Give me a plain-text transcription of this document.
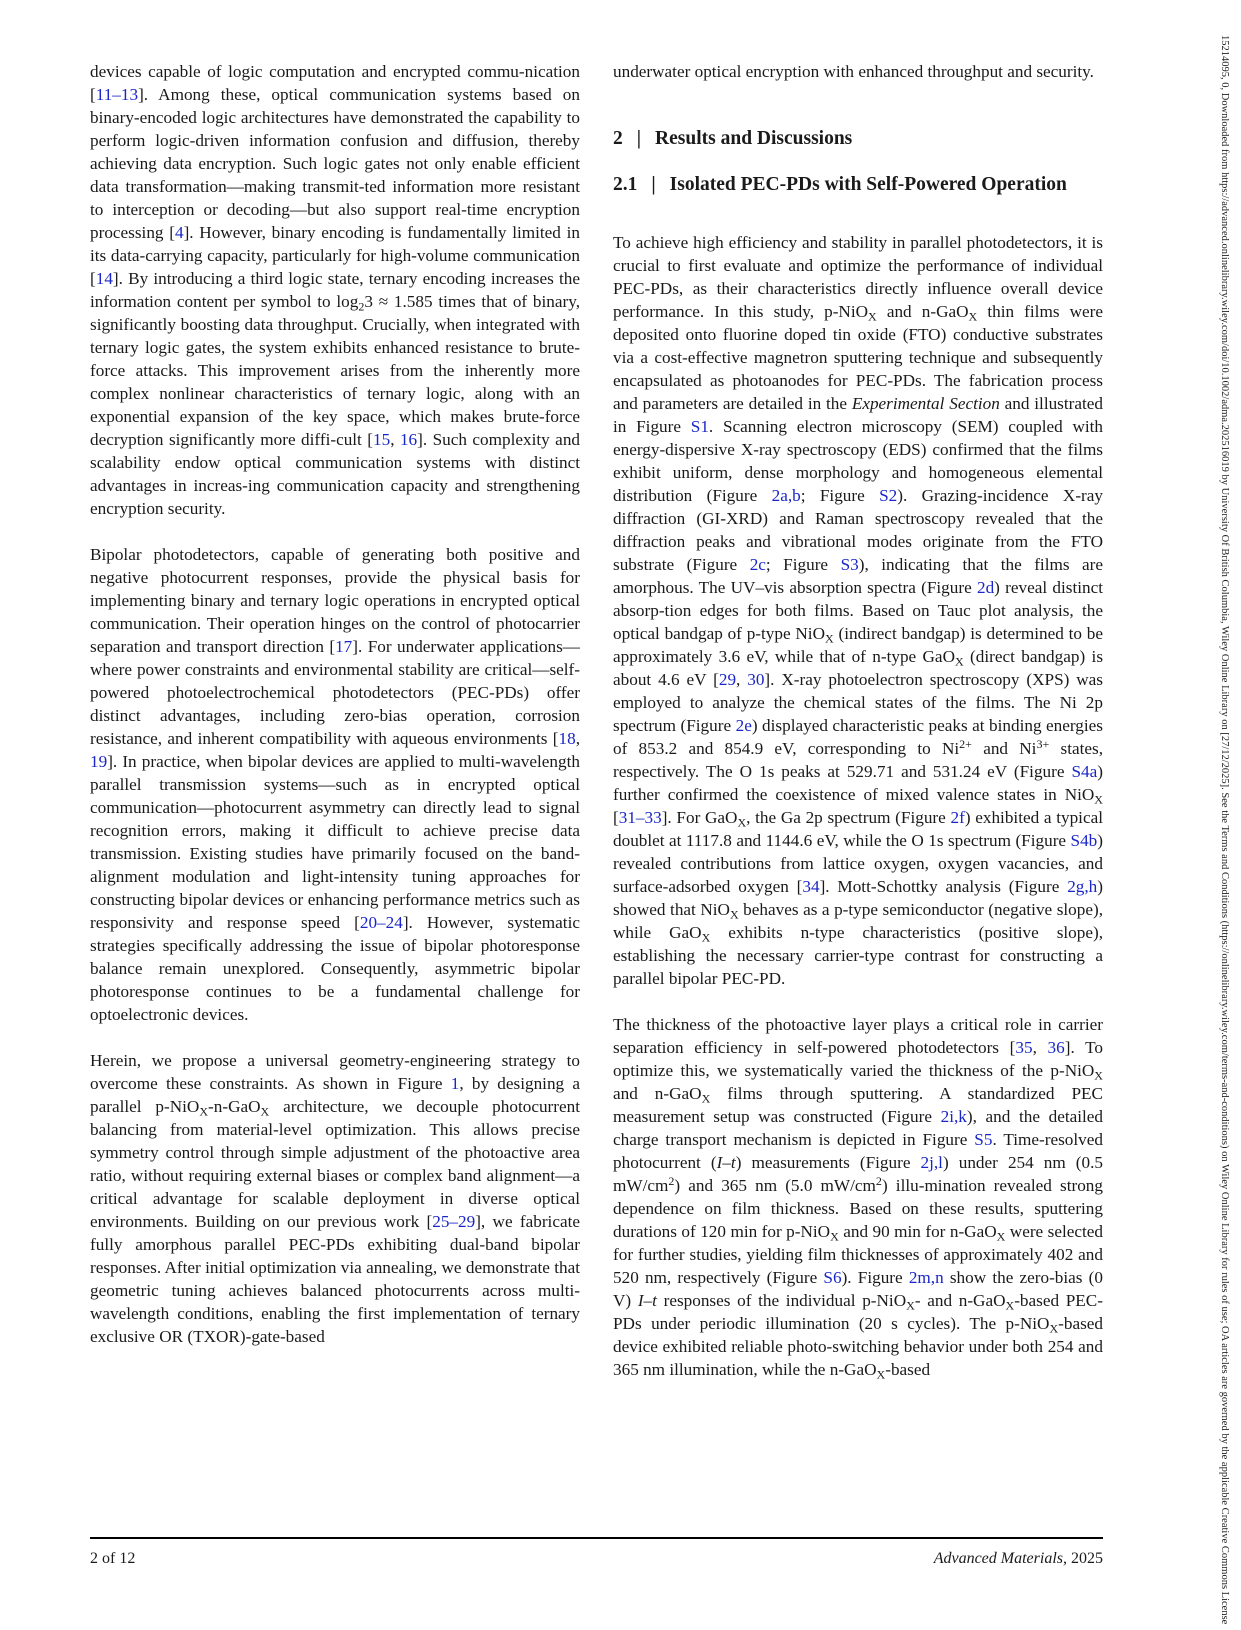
devices capable of logic computation and encrypted commu-nication [11–13]. Among these, optical communication systems based on binary-encoded logic architectures have demonstrated the capability to perform logic-driven information confusion and diffusion, thereby achieving data encryption. Such logic gates not only enable efficient data transformation—making transmit-ted information more resistant to interception or decoding—but also support real-time encryption processing [4]. However, binary encoding is fundamentally limited in its data-carrying capacity, particularly for high-volume communication [14]. By introducing a third logic state, ternary encoding increases the information content per symbol to $\log_23 \approx 1.585$ times that of binary, significantly boosting data throughput. Crucially, when integrated with ternary logic gates, the system exhibits enhanced resistance to brute-force attacks. This improvement arises from the inherently more complex nonlinear characteristics of ternary logic, along with an exponential expansion of the key space, which makes brute-force decryption significantly more diffi-cult [15, 16]. Such complexity and scalability endow optical communication systems with distinct advantages in increas-ing communication capacity and strengthening encryption security.

Bipolar photodetectors, capable of generating both positive and negative photocurrent responses, provide the physical basis for implementing binary and ternary logic operations in encrypted optical communication. Their operation hinges on the control of photocarrier separation and transport direction [17]. For underwater applications—where power constraints and environmental stability are critical—self-powered photoelectrochemical photodetectors (PEC-PDs) offer distinct advantages, including zero-bias operation, corrosion resistance, and inherent compatibility with aqueous environments [18, 19]. In practice, when bipolar devices are applied to multi-wavelength parallel transmission systems—such as in encrypted optical communication—photocurrent asymmetry can directly lead to signal recognition errors, making it difficult to achieve precise data transmission. Existing studies have primarily focused on the band-alignment modulation and light-intensity tuning approaches for constructing bipolar devices or enhancing performance metrics such as responsivity and response speed [20–24]. However, systematic strategies specifically addressing the issue of bipolar photoresponse balance remain unexplored. Consequently, asymmetric bipolar photoresponse continues to be a fundamental challenge for optoelectronic devices.

Herein, we propose a universal geometry-engineering strategy to overcome these constraints. As shown in Figure 1, by designing a parallel p-NiO$_X$-n-GaO$_X$ architecture, we decouple photocurrent balancing from material-level optimization. This allows precise symmetry control through simple adjustment of the photoactive area ratio, without requiring external biases or complex band alignment—a critical advantage for scalable deployment in diverse optical environments. Building on our previous work [25–29], we fabricate fully amorphous parallel PEC-PDs exhibiting dual-band bipolar responses. After initial optimization via annealing, we demonstrate that geometric tuning achieves balanced photocurrents across multi-wavelength conditions, enabling the first implementation of ternary exclusive OR (TXOR)-gate-based

underwater optical encryption with enhanced throughput and security.

2 | Results and Discussions
2.1 | Isolated PEC-PDs with Self-Powered Operation

To achieve high efficiency and stability in parallel photodetectors, it is crucial to first evaluate and optimize the performance of individual PEC-PDs, as their characteristics directly influence overall device performance. In this study, p-NiO$_X$ and n-GaO$_X$ thin films were deposited onto fluorine doped tin oxide (FTO) conductive substrates via a cost-effective magnetron sputtering technique and subsequently encapsulated as photoanodes for PEC-PDs. The fabrication process and parameters are detailed in the Experimental Section and illustrated in Figure S1. Scanning electron microscopy (SEM) coupled with energy-dispersive X-ray spectroscopy (EDS) confirmed that the films exhibit uniform, dense morphology and homogeneous elemental distribution (Figure 2a,b; Figure S2). Grazing-incidence X-ray diffraction (GI-XRD) and Raman spectroscopy revealed that the diffraction peaks and vibrational modes originate from the FTO substrate (Figure 2c; Figure S3), indicating that the films are amorphous. The UV–vis absorption spectra (Figure 2d) reveal distinct absorp-tion edges for both films. Based on Tauc plot analysis, the optical bandgap of p-type NiO$_X$ (indirect bandgap) is determined to be approximately 3.6 eV, while that of n-type GaO$_X$ (direct bandgap) is about 4.6 eV [29, 30]. X-ray photoelectron spectroscopy (XPS) was employed to analyze the chemical states of the films. The Ni 2p spectrum (Figure 2e) displayed characteristic peaks at binding energies of 853.2 and 854.9 eV, corresponding to $Ni^{2+}$ and $Ni^{3+}$ states, respectively. The O 1s peaks at 529.71 and 531.24 eV (Figure S4a) further confirmed the coexistence of mixed valence states in NiO$_X$ [31–33]. For GaO$_X$, the Ga 2p spectrum (Figure 2f) exhibited a typical doublet at 1117.8 and 1144.6 eV, while the O 1s spectrum (Figure S4b) revealed contributions from lattice oxygen, oxygen vacancies, and surface-adsorbed oxygen [34]. Mott-Schottky analysis (Figure 2g,h) showed that NiO$_X$ behaves as a p-type semiconductor (negative slope), while GaO$_X$ exhibits n-type characteristics (positive slope), establishing the necessary carrier-type contrast for constructing a parallel bipolar PEC-PD.

The thickness of the photoactive layer plays a critical role in carrier separation efficiency in self-powered photodetectors [35, 36]. To optimize this, we systematically varied the thickness of the p-NiO$_X$ and n-GaO$_X$ films through sputtering. A standardized PEC measurement setup was constructed (Figure 2i,k), and the detailed charge transport mechanism is depicted in Figure S5. Time-resolved photocurrent (I–t) measurements (Figure 2j,l) under 254 nm (0.5 $mW/cm^2$) and 365 nm (5.0 $mW/cm^2$) illu-mination revealed strong dependence on film thickness. Based on these results, sputtering durations of 120 min for p-NiO$_X$ and 90 min for n-GaO$_X$ were selected for further studies, yielding film thicknesses of approximately 402 and 520 nm, respectively (Figure S6). Figure 2m,n show the zero-bias (0 V) I–t responses of the individual p-NiO$_X$- and n-GaO$_X$-based PEC-PDs under periodic illumination (20 s cycles). The p-NiO$_X$-based device exhibited reliable photo-switching behavior under both 254 and 365 nm illumination, while the n-GaO$_X$-based

2 of 12	Advanced Materials, 2025	15214095, 0, Downloaded from https://advanced.onlinelibrary.wiley.com/doi/10.1002/adma.202516019 by University Of British Columbia, Wiley Online Library on [27/12/2025]. See the Terms and Conditions (https://onlinelibrary.wiley.com/terms-and-conditions) on Wiley Online Library for rules of use; OA articles are governed by the applicable Creative Commons License
